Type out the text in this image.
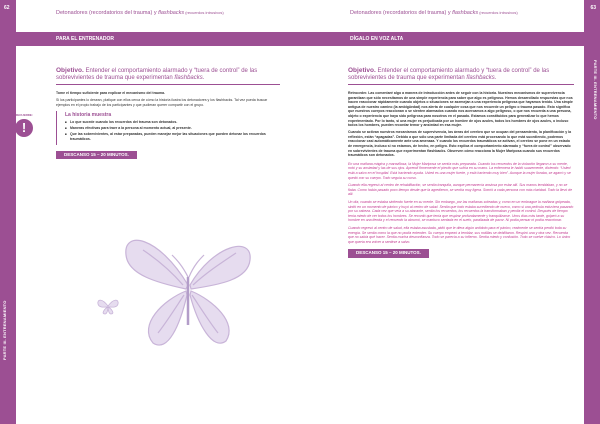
62
PARTE III. ENTRENAMIENTO
Detonadores (recordatorios del trauma) y flashbacks (recuerdos intrusivos)
PARA EL ENTRENADOR
Objetivo. Entender el comportamiento alarmado y “tuera de control” de las sobrevivientes de trauma que experimentan flashbacks.

Tome el tiempo suficiente para explicar el mecanismo del trauma.

Si los participantes lo desean, platique con ellos cerca de cómo la historia ilustra los detonadores y los flashbacks. Tal vez pueda buscar ejemplos en el propio trabajo de los participantes y que pudieran querer compartir con el grupo.

RECUERDE:
!
La historia muestra
■ Lo que sucede cuando los recuerdos del trauma son detonados.
■ Maneras efectivas para traer a la persona al momento actual, al presente.
■ Que las sobrevivientes, al estar preparadas, pueden manejar mejor las situaciones que pueden detonar los recuerdos traumáticos.
DESCANSO 15 – 20 MINUTOS.
63
PARTE III. ENTRENAMIENTO
Detonadores (recordatorios del trauma) y flashbacks (recuerdos intrusivos)
DÍGALO EN VOZ ALTA
Objetivo. Entender el comportamiento alarmado y “tuera de control” de las sobrevivientes de trauma que experimentan flashbacks.

Retroceder. Las comentaré algo a manera de introducción antes de seguir con la historia. Nuestros mecanismos de supervivencia garantizan que sólo necesitamos de una simple experiencia para saber que algo es peligroso. Hemos desarrollado respuestas que nos hacen reaccionar rápidamente cuando objetos o situaciones se asemejan a una experiencia peligrosa que hayamos tenido. Una simple antigua de nuestro camino (la ambigüedad) nos alerta de cualquier cosa que nos recuerde un peligro o trauma pasado. Esto significa que nuestros cuerpos reaccionan o se sienten alarmados cuando nos acercamos a algo peligroso, o que nos recuerda a una persona, objeto o experiencia que haya sido peligrosa para nosotros en el pasado. Estamos constituidos para generalizar lo que hemos experimentado. Por lo tanto, si una mujer es perjudicada por un hombre de ojos azules, todos los hombres de ojos azules, o incluso todos los hombres, pueden recordar temor y ansiedad en esa mujer.

Cuando se activan nuestros mecanismos de supervivencia, las áreas del cerebro que se ocupan del pensamiento, la planificación y la reflexión, están “apagadas”. Debido a que sólo una parte limitada del cerebro está procesando lo que está sucediendo, podemos reaccionar casi automáticamente ante una amenaza. Y cuando los recuerdos traumáticos se activan, el cerebro se pone en un estado de emergencia, incluso si no estamos, de hecho, en peligro. Esto explica el comportamiento alarmado y “fuera de control” observado en sobrevivientes de trauma que experimentan flashbacks. Observen cómo reacciona la Mujer Mariposa cuando sus recuerdos traumáticos son detonados.

En una mañana mágica y maravillosa, la Mujer Mariposa se sentía más preparada. Cuando los recuerdos de la violación llegaron a su mente, notó y su ansiedad y las de sus ojos. Aprendi firmemente el piecito que sufría en su mano. La enfermera le habló suavemente, diciendo: “Usted está a salvo en el hospital. Está haciendo ayuda. Usted es una mujer fuerte, y está haciendo muy bien”. Aunque la mujer lloraba, se agarró y se quedó con su cuerpo. Todo seguía su curso.

Cuando ella regresó al centro de rehabilitación, se sentía tranquila, aunque permanecía ansiosa por estar allí. Sus manos temblaban, y no se fiaba. Como había pasado poco tiempo desde que la agredieron, se sentía muy ligera. Sonrió a cada persona con más claridad. Todo la llevó de allí.

Un día, cuando se estaba sintiendo fuerte en su mente. Sin embargo, por las mañanas soleadas y, como en un embrague la mañana golpeada, sintió en un momento de pánico y huyó al centro de salud. Sentía que todo estaba sucediendo de nuevo, como si una película estuviera pasando por su cabeza. Cada vez que veía a su atacante, sentía los recuerdos, los recuerdos la transformaban y perdía el control. Después de tiempo tenía miedo de ver todos los hombres. Se recordó que tenía que respirar profundamente y tranquilizarse. Unos días más tarde, golpeó a su hombre en una tienda y el recuerdo la abrumó, se mantuvo sentada en el suelo, paralizada de pavor. Ni podía pensar ni podía reaccionar.

Cuando regresó al centro de salud, ella estaba asustada, pidió que le diera algún antídoto para el pánico, realmente se sentía perdió toda su energía. Se sentía como la que no podía entender. Su cuerpo empezó a temblar, sus rodillas se debilitaron. Respiró una y otra vez. Recuerda que no sabía qué hacer. Sentía mucha desconfianza. Todo se parecía a su infierno. Sentía miedo y confusión. Todo se vuelve clásico. Lo único que quería era volver a sentirse a salvo.

DESCANSO 15 – 20 MINUTOS.
